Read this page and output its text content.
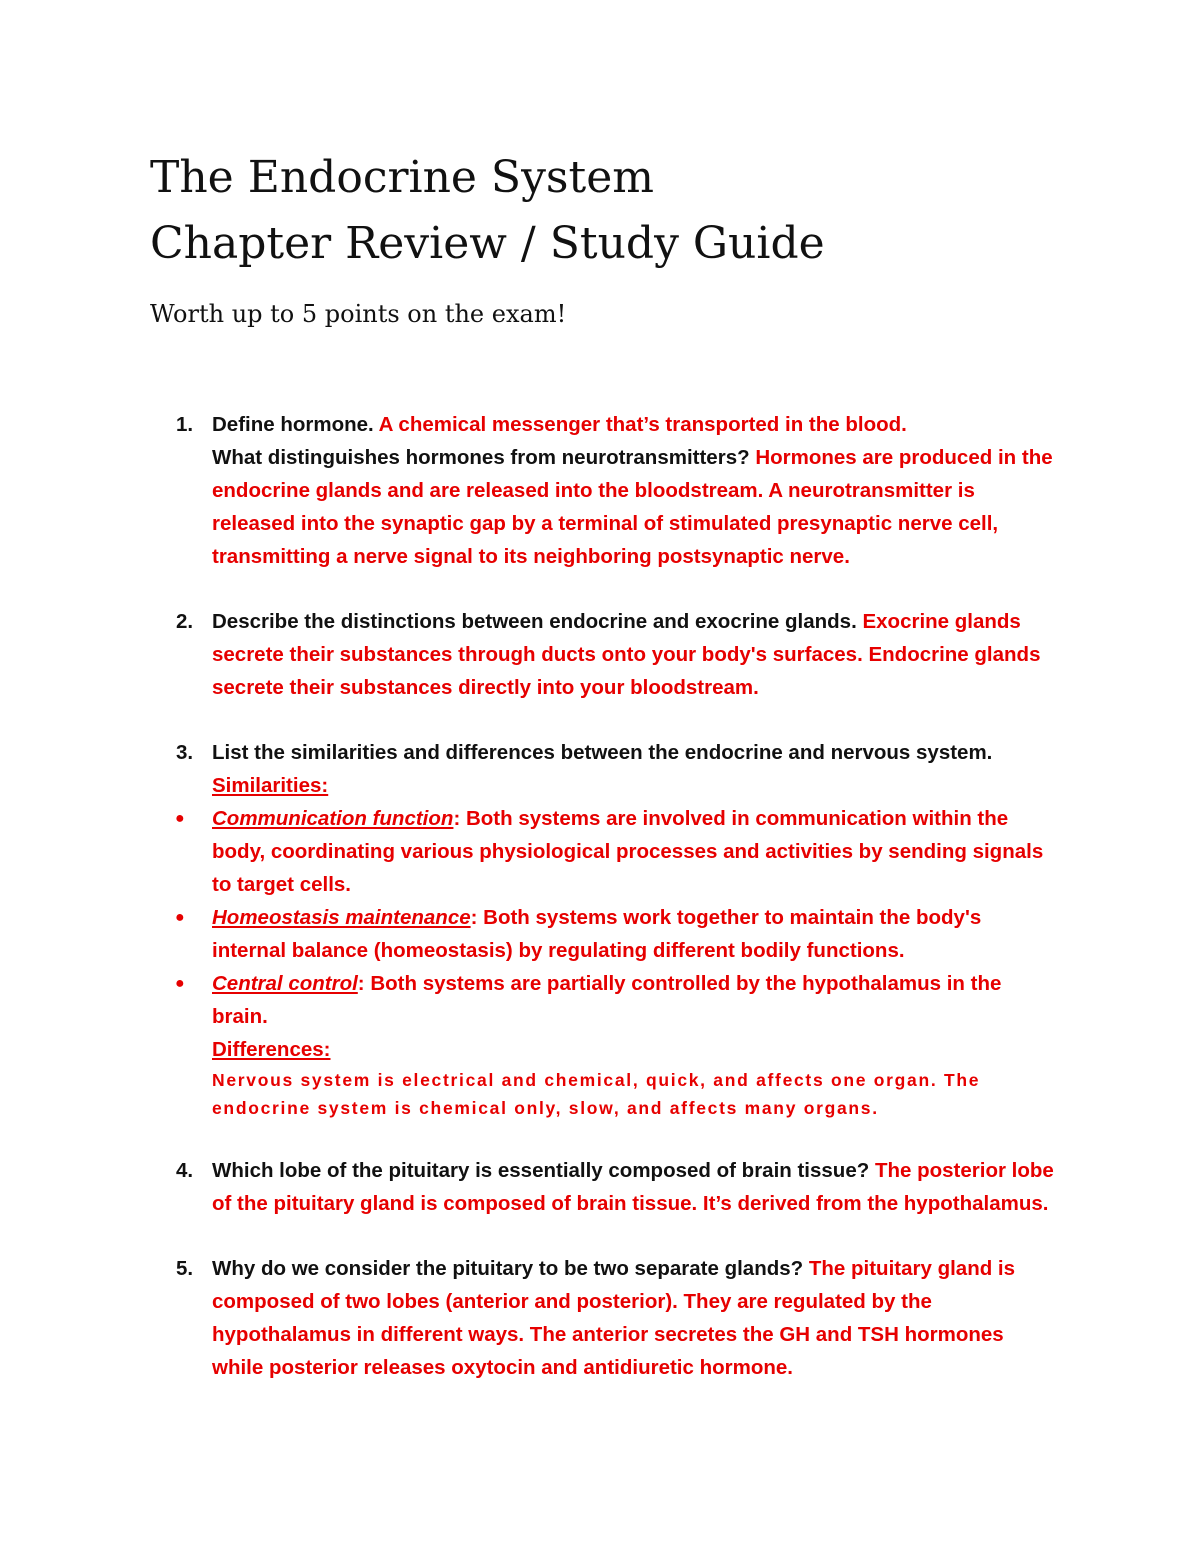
The Endocrine System
Chapter Review / Study Guide
Worth up to 5 points on the exam!
1. Define hormone. A chemical messenger that’s transported in the blood.
What distinguishes hormones from neurotransmitters? Hormones are produced in the endocrine glands and are released into the bloodstream. A neurotransmitter is released into the synaptic gap by a terminal of stimulated presynaptic nerve cell, transmitting a nerve signal to its neighboring postsynaptic nerve.
2. Describe the distinctions between endocrine and exocrine glands. Exocrine glands secrete their substances through ducts onto your body's surfaces. Endocrine glands secrete their substances directly into your bloodstream.
3. List the similarities and differences between the endocrine and nervous system.
Similarities:
● Communication function: Both systems are involved in communication within the body, coordinating various physiological processes and activities by sending signals to target cells.
● Homeostasis maintenance: Both systems work together to maintain the body's internal balance (homeostasis) by regulating different bodily functions.
● Central control: Both systems are partially controlled by the hypothalamus in the brain.
Differences:
Nervous system is electrical and chemical, quick, and affects one organ. The endocrine system is chemical only, slow, and affects many organs.
4. Which lobe of the pituitary is essentially composed of brain tissue? The posterior lobe of the pituitary gland is composed of brain tissue. It’s derived from the hypothalamus.
5. Why do we consider the pituitary to be two separate glands? The pituitary gland is composed of two lobes (anterior and posterior). They are regulated by the hypothalamus in different ways. The anterior secretes the GH and TSH hormones while posterior releases oxytocin and antidiuretic hormone.
